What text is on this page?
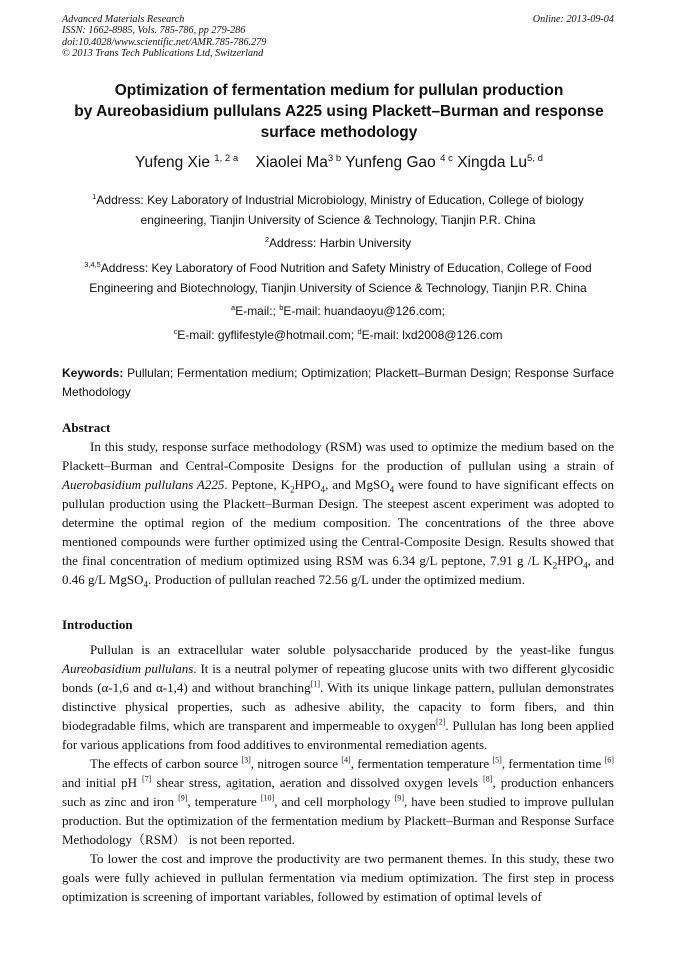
Advanced Materials Research
ISSN: 1662-8985, Vols. 785-786, pp 279-286
doi:10.4028/www.scientific.net/AMR.785-786.279
© 2013 Trans Tech Publications Ltd, Switzerland
Online: 2013-09-04
Optimization of fermentation medium for pullulan production
by Aureobasidium pullulans A225 using Plackett–Burman and response
surface methodology
Yufeng Xie $^{1, 2 a}$ Xiaolei $Ma^{3 b}$ Yunfeng Gao $^{4 c}$ Xingda Lu$^{5, d}$
$^1$Address: Key Laboratory of Industrial Microbiology, Ministry of Education, College of biology
engineering, Tianjin University of Science & Technology, Tianjin P.R. China
$^2$Address: Harbin University
$^{3,4,5}$Address: Key Laboratory of Food Nutrition and Safety Ministry of Education, College of Food
Engineering and Biotechnology, Tianjin University of Science & Technology, Tianjin P.R. China
$^a$E-mail:; $^b$E-mail: huandaoyu@126.com;
$^c$E-mail: gyflifestyle@hotmail.com; $^d$E-mail: lxd2008@126.com
Keywords: Pullulan; Fermentation medium; Optimization; Plackett–Burman Design; Response Surface Methodology
Abstract

In this study, response surface methodology (RSM) was used to optimize the medium based on the Plackett–Burman and Central-Composite Designs for the production of pullulan using a strain of Auerobasidium pullulans A225. Peptone, $K_2HPO_4$, and MgSO$_4$ were found to have significant effects on pullulan production using the Plackett–Burman Design. The steepest ascent experiment was adopted to determine the optimal region of the medium composition. The concentrations of the three above mentioned compounds were further optimized using the Central-Composite Design. Results showed that the final concentration of medium optimized using RSM was 6.34 g/L peptone, 7.91 g /L $K_2HPO_4$, and 0.46 g/L MgSO$_4$. Production of pullulan reached 72.56 g/L under the optimized medium.

Introduction

Pullulan is an extracellular water soluble polysaccharide produced by the yeast-like fungus Aureobasidium pullulans. It is a neutral polymer of repeating glucose units with two different glycosidic bonds (α-1,6 and α-1,4) and without branching[1]. With its unique linkage pattern, pullulan demonstrates distinctive physical properties, such as adhesive ability, the capacity to form fibers, and thin biodegradable films, which are transparent and impermeable to oxygen[2]. Pullulan has long been applied for various applications from food additives to environmental remediation agents.

The effects of carbon source [3], nitrogen source [4], fermentation temperature [5], fermentation time [6] and initial pH [7] shear stress, agitation, aeration and dissolved oxygen levels [8], production enhancers such as zinc and iron [9], temperature [10], and cell morphology [9], have been studied to improve pullulan production. But the optimization of the fermentation medium by Plackett–Burman and Response Surface Methodology（RSM） is not been reported.

To lower the cost and improve the productivity are two permanent themes. In this study, these two goals were fully achieved in pullulan fermentation via medium optimization. The first step in process optimization is screening of important variables, followed by estimation of optimal levels of
